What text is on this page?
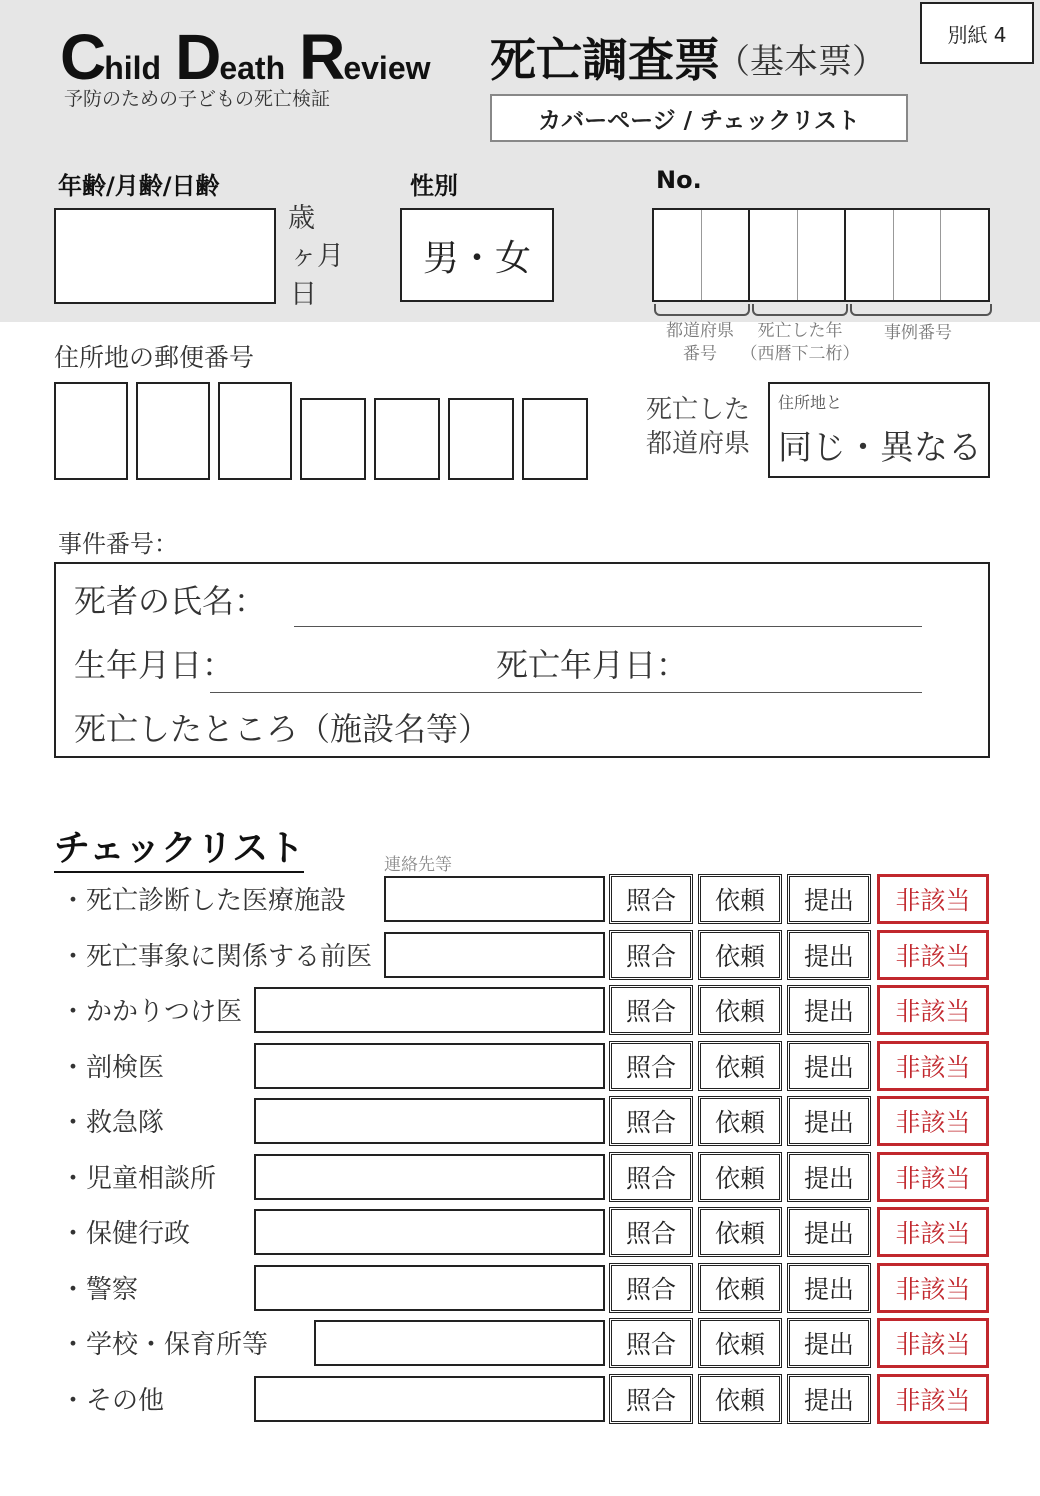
Child Death Review
予防のための子どもの死亡検証
死亡調査票
（基本票）
別紙 4
カバーページ / チェックリスト
年齢/月齢/日齢
歳
ヶ月
日
性別
男・女
No.
都道府県
番号
死亡した年
（西暦下二桁）
事例番号
住所地の郵便番号
死亡した
都道府県
住所地と
同じ・異なる
事件番号：
死者の氏名：
生年月日：	死亡年月日：
死亡したところ（施設名等）
チェックリスト	連絡先等
・死亡診断した医療施設	照合	依頼	提出	非該当
・死亡事象に関係する前医	照合	依頼	提出	非該当
・かかりつけ医	照合	依頼	提出	非該当
・剖検医	照合	依頼	提出	非該当
・救急隊	照合	依頼	提出	非該当
・児童相談所	照合	依頼	提出	非該当
・保健行政	照合	依頼	提出	非該当
・警察	照合	依頼	提出	非該当
・学校・保育所等	照合	依頼	提出	非該当
・その他	照合	依頼	提出	非該当
